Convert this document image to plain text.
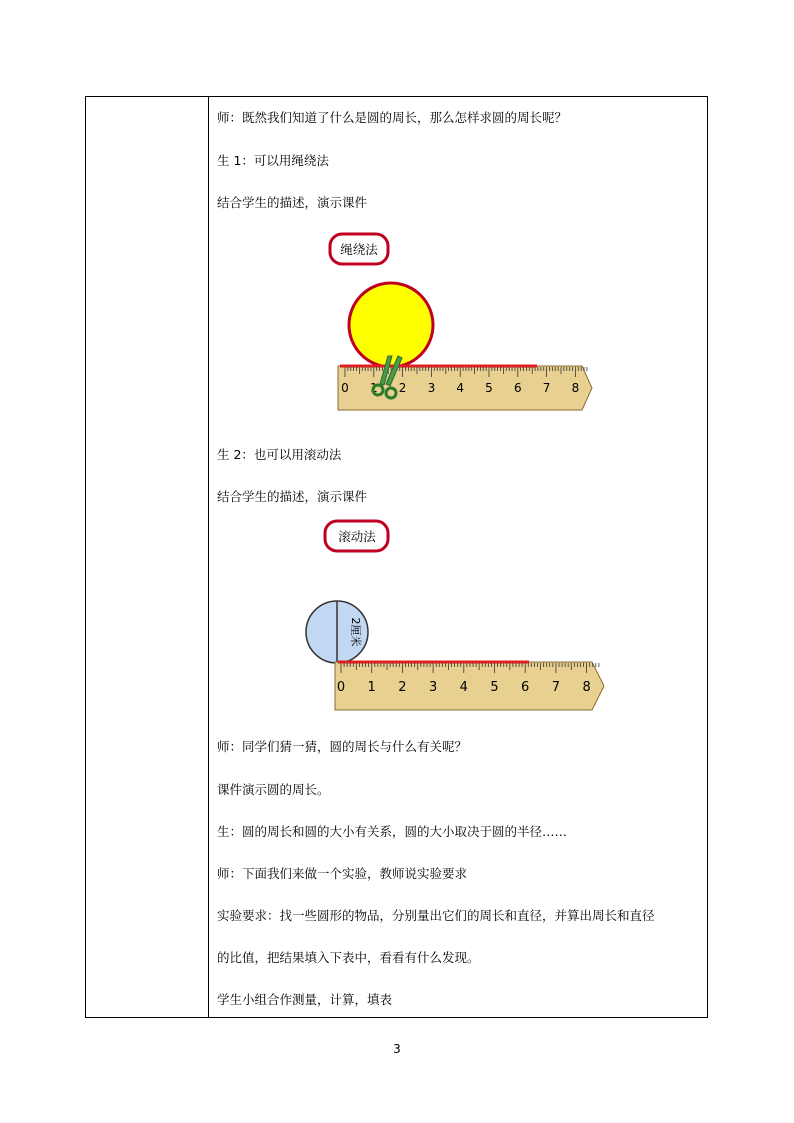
师：既然我们知道了什么是圆的周长，那么怎样求圆的周长呢？
生 1：可以用绳绕法
结合学生的描述，演示课件
生 2：也可以用滚动法
结合学生的描述，演示课件
师：同学们猜一猜，圆的周长与什么有关呢？
课件演示圆的周长。
生：圆的周长和圆的大小有关系，圆的大小取决于圆的半径……
师：下面我们来做一个实验，教师说实验要求
实验要求：找一些圆形的物品，分别量出它们的周长和直径，并算出周长和直径
的比值，把结果填入下表中，看看有什么发现。
学生小组合作测量，计算，填表
绳绕法
0 1 2 3 4 5 6 7 8
滚动法
2厘米
0 1 2 3 4 5 6 7 8
3
